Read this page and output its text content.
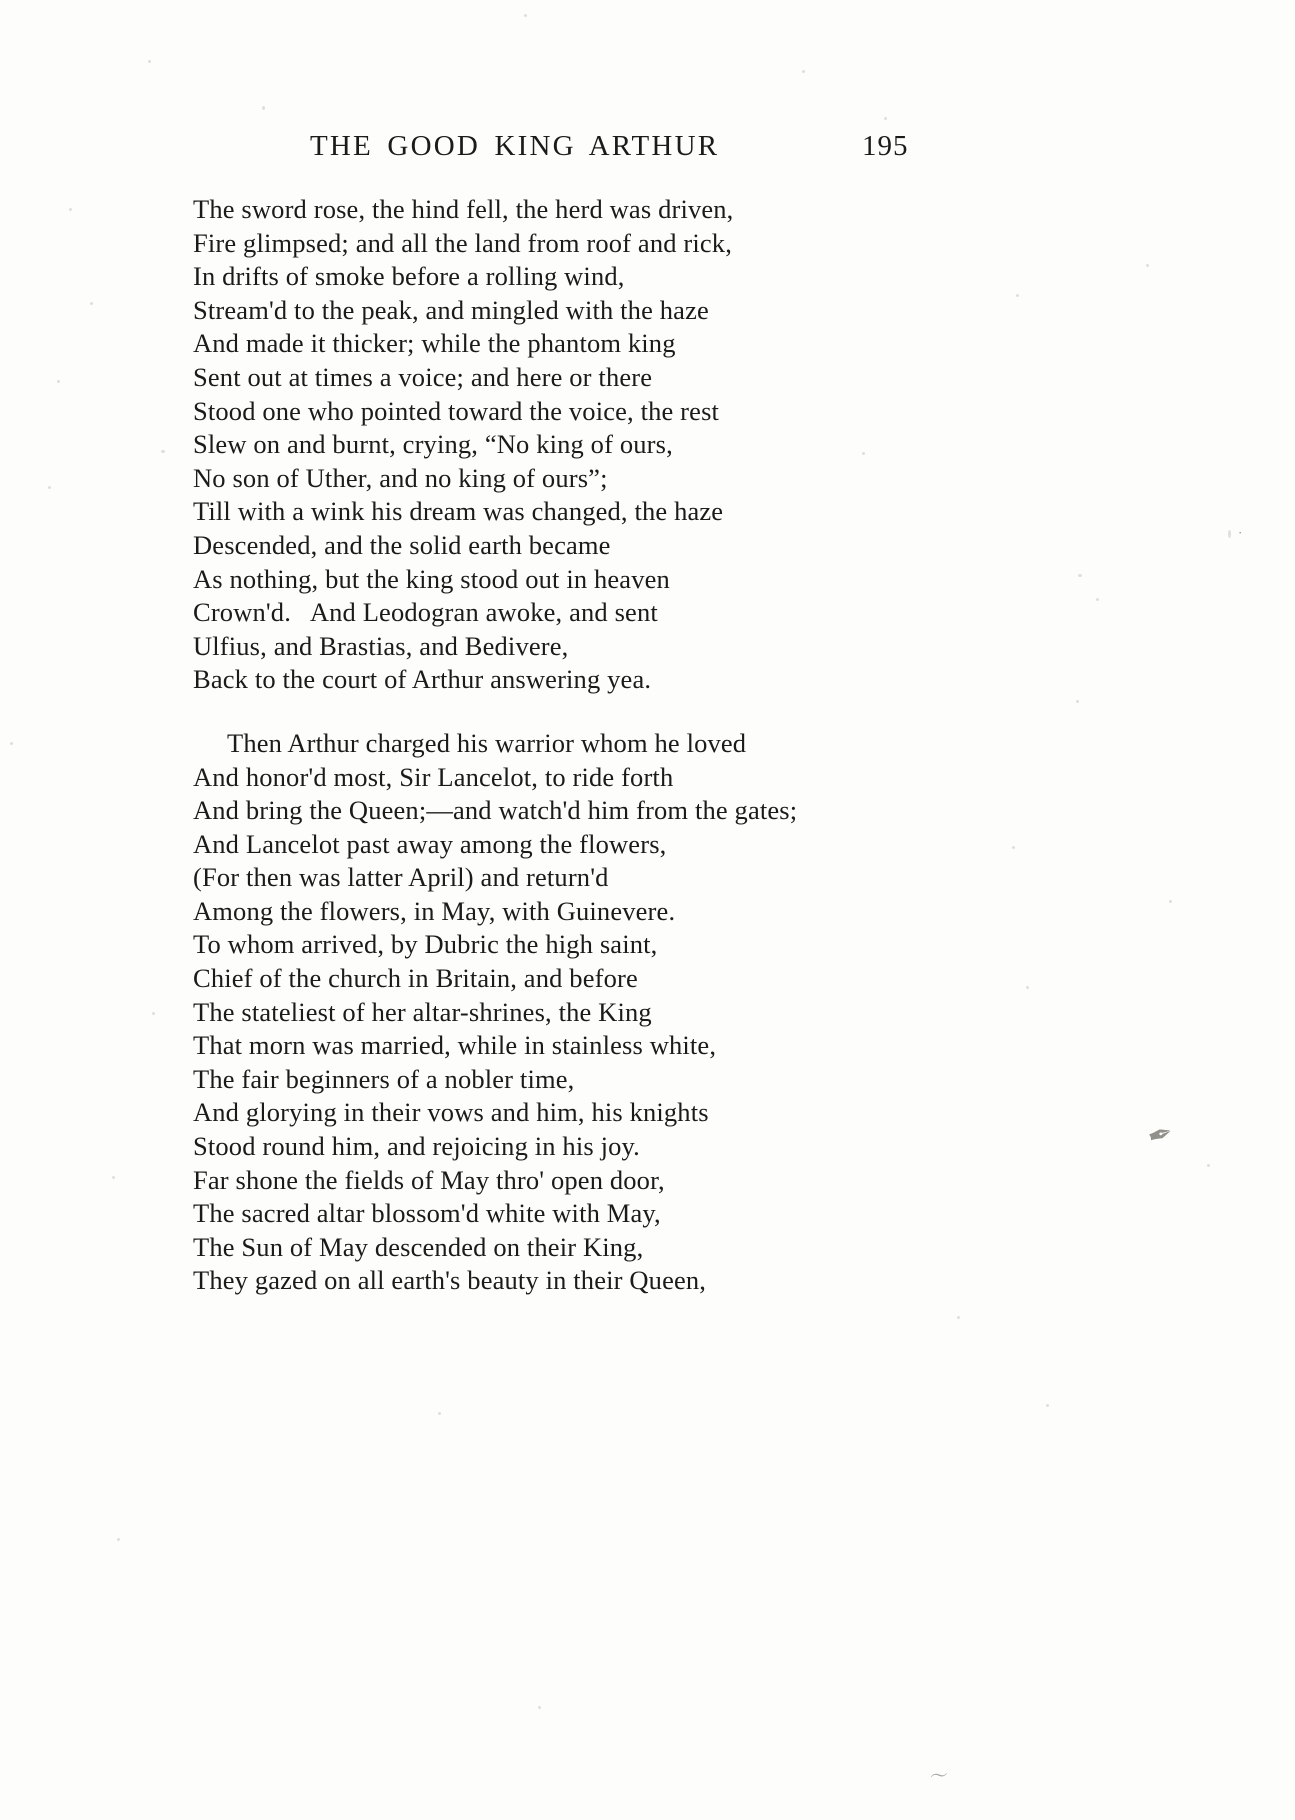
THE GOOD KING ARTHUR	195
The sword rose, the hind fell, the herd was driven,
Fire glimpsed; and all the land from roof and rick,
In drifts of smoke before a rolling wind,
Stream'd to the peak, and mingled with the haze
And made it thicker; while the phantom king
Sent out at times a voice; and here or there
Stood one who pointed toward the voice, the rest
Slew on and burnt, crying, “No king of ours,
No son of Uther, and no king of ours”;
Till with a wink his dream was changed, the haze
Descended, and the solid earth became
As nothing, but the king stood out in heaven
Crown'd.   And Leodogran awoke, and sent
Ulfius, and Brastias, and Bedivere,
Back to the court of Arthur answering yea.
Then Arthur charged his warrior whom he loved
And honor'd most, Sir Lancelot, to ride forth
And bring the Queen;—and watch'd him from the gates;
And Lancelot past away among the flowers,
(For then was latter April) and return'd
Among the flowers, in May, with Guinevere.
To whom arrived, by Dubric the high saint,
Chief of the church in Britain, and before
The stateliest of her altar-shrines, the King
That morn was married, while in stainless white,
The fair beginners of a nobler time,
And glorying in their vows and him, his knights
Stood round him, and rejoicing in his joy.
Far shone the fields of May thro' open door,
The sacred altar blossom'd white with May,
The Sun of May descended on their King,
They gazed on all earth's beauty in their Queen,
·
✒
〜
